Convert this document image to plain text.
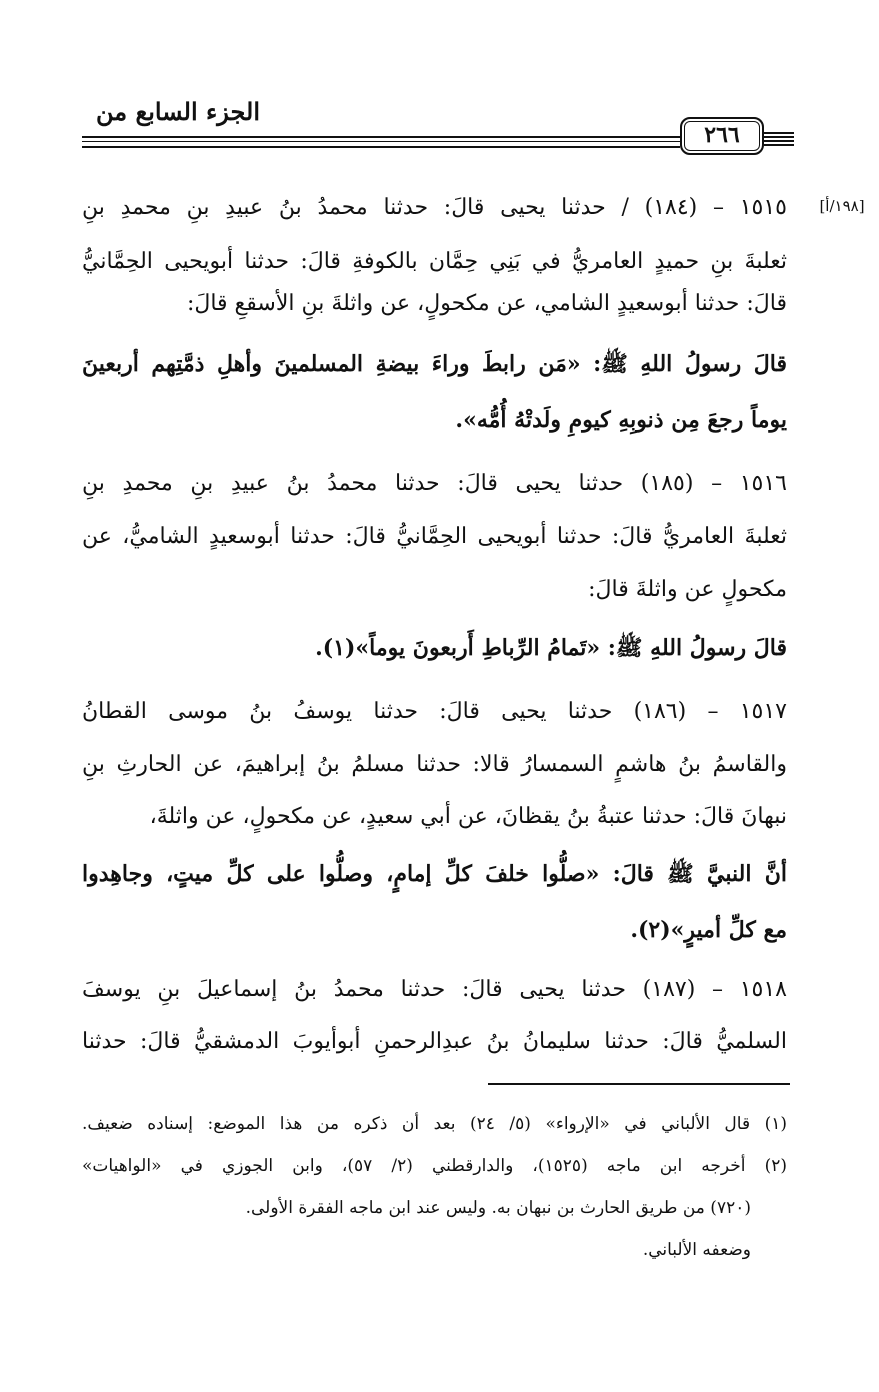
الجزء السابع من
٢٦٦
[١٩٨/أ]
١٥١٥ – (١٨٤) / حدثنا يحيى قالَ: حدثنا محمدُ بنُ عبيدِ بنِ محمدِ بنِ
ثعلبةَ بنِ حميدٍ العامريُّ في بَنِي حِمَّان بالكوفةِ قالَ: حدثنا أبويحيى الحِمَّانيُّ
قالَ: حدثنا أبوسعيدٍ الشامي، عن مكحولٍ، عن واثلةَ بنِ الأسقعِ قالَ:
قالَ رسولُ اللهِ ﷺ: «مَن رابطَ وراءَ بيضةِ المسلمينَ وأهلِ ذمَّتِهم أربعينَ
يوماً رجعَ مِن ذنوبِهِ كيومِ ولَدتْهُ أُمُّه».
١٥١٦ – (١٨٥) حدثنا يحيى قالَ: حدثنا محمدُ بنُ عبيدِ بنِ محمدِ بنِ
ثعلبةَ العامريُّ قالَ: حدثنا أبويحيى الحِمَّانيُّ قالَ: حدثنا أبوسعيدٍ الشاميُّ، عن
مكحولٍ عن واثلةَ قالَ:
قالَ رسولُ اللهِ ﷺ: «تَمامُ الرِّباطِ أَربعونَ يوماً»(١).
١٥١٧ – (١٨٦) حدثنا يحيى قالَ: حدثنا يوسفُ بنُ موسى القطانُ
والقاسمُ بنُ هاشمٍ السمسارُ قالا: حدثنا مسلمُ بنُ إبراهيمَ، عن الحارثِ بنِ
نبهانَ قالَ: حدثنا عتبةُ بنُ يقظانَ، عن أبي سعيدٍ، عن مكحولٍ، عن واثلةَ،
أنَّ النبيَّ ﷺ قالَ: «صلُّوا خلفَ كلِّ إمامٍ، وصلُّوا على كلِّ ميتٍ، وجاهِدوا
مع كلِّ أميرٍ»(٢).
١٥١٨ – (١٨٧) حدثنا يحيى قالَ: حدثنا محمدُ بنُ إسماعيلَ بنِ يوسفَ
السلميُّ قالَ: حدثنا سليمانُ بنُ عبدِالرحمنِ أبوأيوبَ الدمشقيُّ قالَ: حدثنا
(١) قال الألباني في «الإرواء» (٥/ ٢٤) بعد أن ذكره من هذا الموضع: إسناده ضعيف.
(٢) أخرجه ابن ماجه (١٥٢٥)، والدارقطني (٢/ ٥٧)، وابن الجوزي في «الواهيات»
(٧٢٠) من طريق الحارث بن نبهان به. وليس عند ابن ماجه الفقرة الأولى.
وضعفه الألباني.
